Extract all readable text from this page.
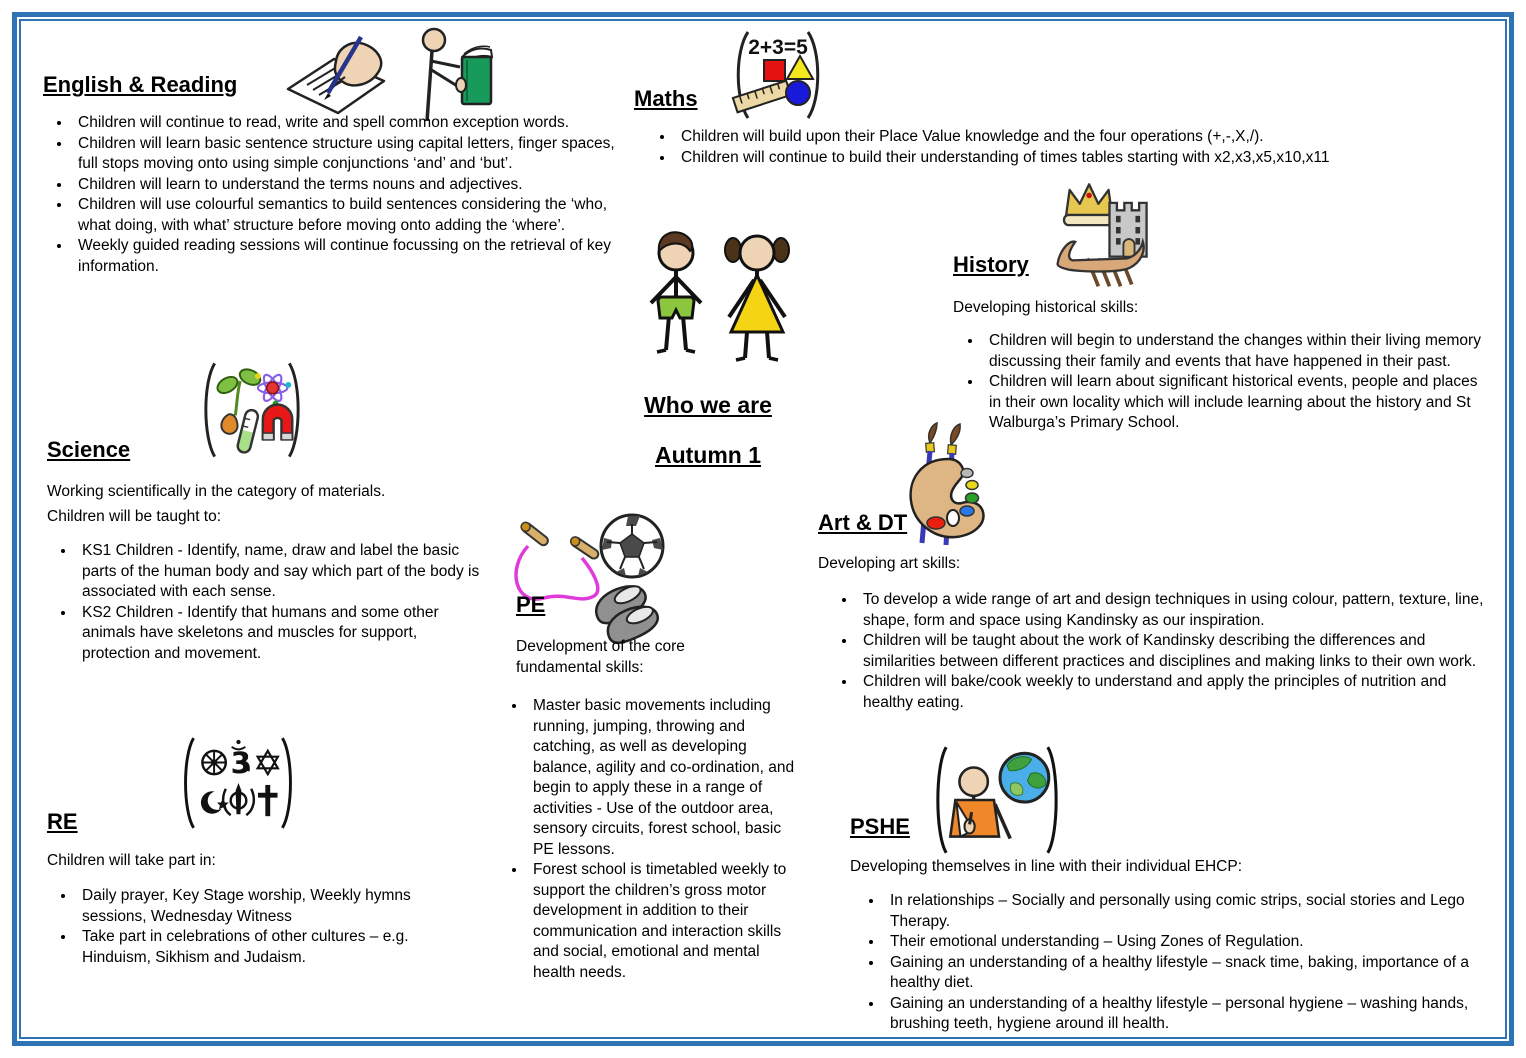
English & Reading
• Children will continue to read, write and spell common exception words.
• Children will learn basic sentence structure using capital letters, finger spaces, full stops moving onto using simple conjunctions ‘and’ and ‘but’.
• Children will learn to understand the terms nouns and adjectives.
• Children will use colourful semantics to build sentences considering the ‘who, what doing, with what’ structure before moving onto adding the ‘where’.
• Weekly guided reading sessions will continue focussing on the retrieval of key information.
Maths
2+3=5
• Children will build upon their Place Value knowledge and the four operations (+,-,X,/).
• Children will continue to build their understanding of times tables starting with x2,x3,x5,x10,x11
Who we are
Autumn 1
History
Developing historical skills:
• Children will begin to understand the changes within their living memory discussing their family and events that have happened in their past.
• Children will learn about significant historical events, people and places in their own locality which will include learning about the history and St Walburga’s Primary School.
Science
Working scientifically in the category of materials.
Children will be taught to:
• KS1 Children - Identify, name, draw and label the basic parts of the human body and say which part of the body is associated with each sense.
• KS2 Children - Identify that humans and some other animals have skeletons and muscles for support, protection and movement.
PE
Development of the core fundamental skills:
• Master basic movements including running, jumping, throwing and catching, as well as developing balance, agility and co-ordination, and begin to apply these in a range of activities - Use of the outdoor area, sensory circuits, forest school, basic PE lessons.
• Forest school is timetabled weekly to support the children’s gross motor development in addition to their communication and interaction skills and social, emotional and mental health needs.
Art & DT
Developing art skills:
• To develop a wide range of art and design techniques in using colour, pattern, texture, line, shape, form and space using Kandinsky as our inspiration.
• Children will be taught about the work of Kandinsky describing the differences and similarities between different practices and disciplines and making links to their own work.
• Children will bake/cook weekly to understand and apply the principles of nutrition and healthy eating.
3
RE
Children will take part in:
• Daily prayer, Key Stage worship, Weekly hymns sessions, Wednesday Witness
• Take part in celebrations of other cultures – e.g. Hinduism, Sikhism and Judaism.
PSHE
Developing themselves in line with their individual EHCP:
• In relationships – Socially and personally using comic strips, social stories and Lego Therapy.
• Their emotional understanding – Using Zones of Regulation.
• Gaining an understanding of a healthy lifestyle – snack time, baking, importance of a healthy diet.
• Gaining an understanding of a healthy lifestyle – personal hygiene – washing hands, brushing teeth, hygiene around ill health.
